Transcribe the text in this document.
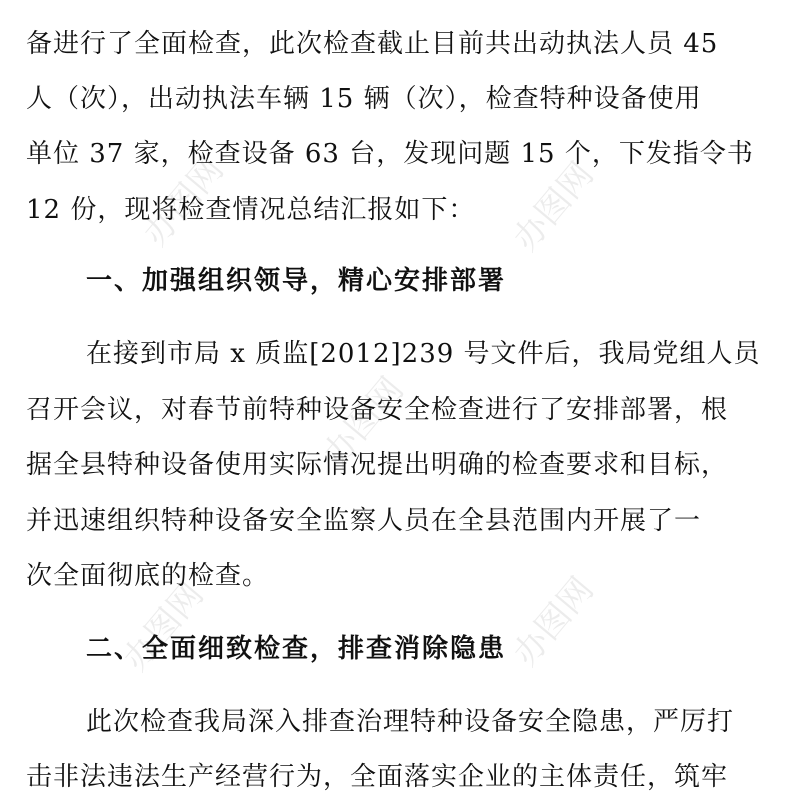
办图网	办图网
办图网
办图网	办图网
备进行了全面检查，此次检查截止目前共出动执法人员 45
人（次），出动执法车辆 15 辆（次），检查特种设备使用
单位 37 家，检查设备 63 台，发现问题 15 个，下发指令书
12 份，现将检查情况总结汇报如下：
一、加强组织领导，精心安排部署
在接到市局 x 质监[2012]239 号文件后，我局党组人员
召开会议，对春节前特种设备安全检查进行了安排部署，根
据全县特种设备使用实际情况提出明确的检查要求和目标，
并迅速组织特种设备安全监察人员在全县范围内开展了一
次全面彻底的检查。
二、全面细致检查，排查消除隐患
此次检查我局深入排查治理特种设备安全隐患，严厉打
击非法违法生产经营行为，全面落实企业的主体责任，筑牢
